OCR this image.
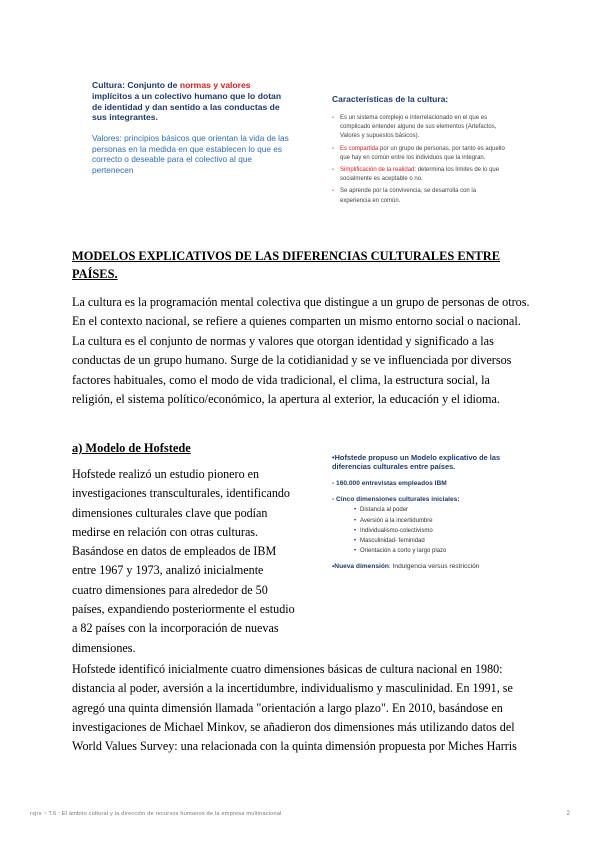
Cultura: Conjunto de normas y valores implícitos a un colectivo humano que lo dotan de identidad y dan sentido a las conductas de sus integrantes.

Valores: principios básicos que orientan la vida de las personas en la medida en que establecen lo que es correcto o deseable para el colectivo al que pertenecen

Características de la cultura:

- Es un sistema complejo e interrelacionado en el que es complicado entender alguno de sus elementos (Artefactos, Valores y supuestos básicos).
- Es compartida por un grupo de personas, por tanto es aquello que hay en común entre los individuos que la integran.
- Simplificación de la realidad: determina los límites de lo que socialmente es aceptable o no.
- Se aprende por la convivencia, se desarrolla con la experiencia en común.
MODELOS EXPLICATIVOS DE LAS DIFERENCIAS CULTURALES ENTRE PAÍSES.

La cultura es la programación mental colectiva que distingue a un grupo de personas de otros. En el contexto nacional, se refiere a quienes comparten un mismo entorno social o nacional.

La cultura es el conjunto de normas y valores que otorgan identidad y significado a las conductas de un grupo humano. Surge de la cotidianidad y se ve influenciada por diversos factores habituales, como el modo de vida tradicional, el clima, la estructura social, la religión, el sistema político/económico, la apertura al exterior, la educación y el idioma.

a) Modelo de Hofstede

Hofstede realizó un estudio pionero en investigaciones transculturales, identificando dimensiones culturales clave que podían medirse en relación con otras culturas. Basándose en datos de empleados de IBM entre 1967 y 1973, analizó inicialmente cuatro dimensiones para alrededor de 50 países, expandiendo posteriormente el estudio a 82 países con la incorporación de nuevas dimensiones.

•Hofstede propuso un Modelo explicativo de las diferencias culturales entre países.

- 160.000 entrevistas empleados IBM

- Cinco dimensiones culturales iniciales:

• Distancia al poder
• Aversión a la incertidumbre
• Individualismo-colectivismo
• Masculinidad- feminidad
• Orientación a corto y largo plazo

•Nueva dimensión: Indulgencia versus restricción

Hofstede identificó inicialmente cuatro dimensiones básicas de cultura nacional en 1980: distancia al poder, aversión a la incertidumbre, individualismo y masculinidad. En 1991, se agregó una quinta dimensión llamada "orientación a largo plazo". En 2010, basándose en investigaciones de Michael Minkov, se añadieron dos dimensiones más utilizando datos del World Values Survey: una relacionada con la quinta dimensión propuesta por Miches Harris

rsjrs ~ T.6 : El ámbito cultural y la dirección de recursos humanos de la empresa multinacional	2
